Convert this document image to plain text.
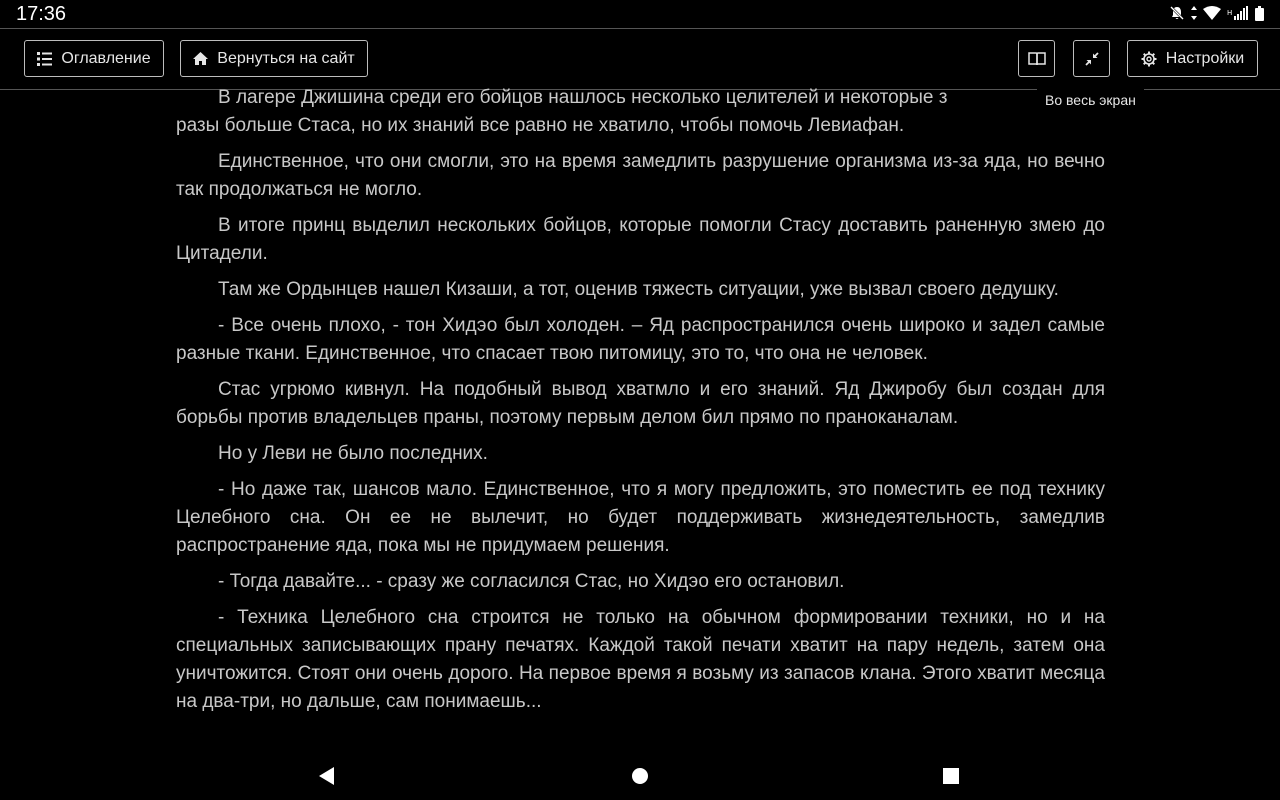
17:36	H
Оглавление	Вернуться на сайт	Настройки
Во весь экран

В лагере Джишина среди его бойцов нашлось несколько целителей и некоторые з

разы больше Стаса, но их знаний все равно не хватило, чтобы помочь Левиафан.

Единственное, что они смогли, это на время замедлить разрушение организма из-за яда, но вечно так продолжаться не могло.

В итоге принц выделил нескольких бойцов, которые помогли Стасу доставить раненную змею до Цитадели.

Там же Ордынцев нашел Кизаши, а тот, оценив тяжесть ситуации, уже вызвал своего дедушку.

- Все очень плохо, - тон Хидэо был холоден. – Яд распространился очень широко и задел самые разные ткани. Единственное, что спасает твою питомицу, это то, что она не человек.

Стас угрюмо кивнул. На подобный вывод хватмло и его знаний. Яд Джиробу был создан для борьбы против владельцев праны, поэтому первым делом бил прямо по праноканалам.

Но у Леви не было последних.

- Но даже так, шансов мало. Единственное, что я могу предложить, это поместить ее под технику Целебного сна. Он ее не вылечит, но будет поддерживать жизнедеятельность, замедлив распространение яда, пока мы не придумаем решения.

- Тогда давайте... - сразу же согласился Стас, но Хидэо его остановил.

- Техника Целебного сна строится не только на обычном формировании техники, но и на специальных записывающих прану печатях. Каждой такой печати хватит на пару недель, затем она уничтожится. Стоят они очень дорого. На первое время я возьму из запасов клана. Этого хватит месяца на два-три, но дальше, сам понимаешь...
